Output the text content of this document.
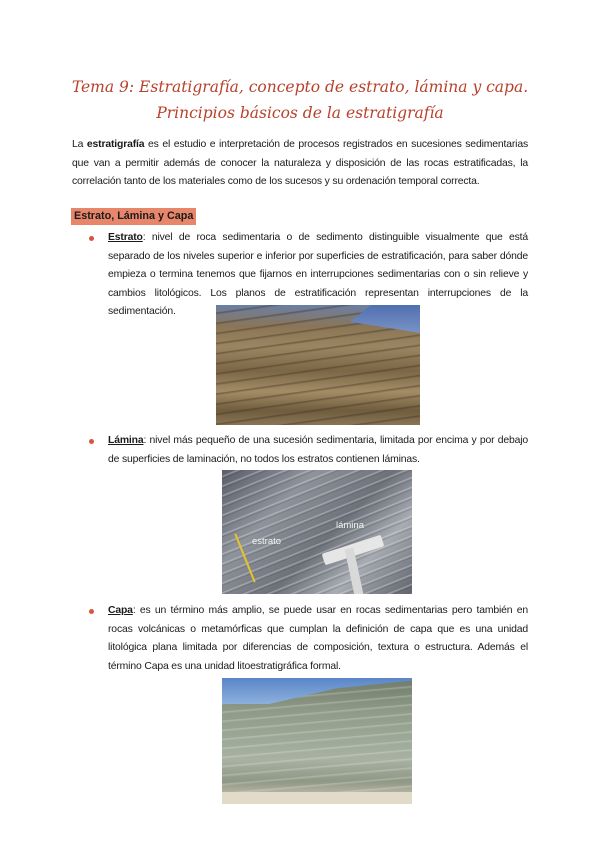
Tema 9: Estratigrafía, concepto de estrato, lámina y capa. Principios básicos de la estratigrafía

La estratigrafía es el estudio e interpretación de procesos registrados en sucesiones sedimentarias que van a permitir además de conocer la naturaleza y disposición de las rocas estratificadas, la correlación tanto de los materiales como de los sucesos y su ordenación temporal correcta.

Estrato, Lámina y Capa

Estrato: nivel de roca sedimentaria o de sedimento distinguible visualmente que está separado de los niveles superior e inferior por superficies de estratificación, para saber dónde empieza o termina tenemos que fijarnos en interrupciones sedimentarias con o sin relieve y cambios litológicos. Los planos de estratificación representan interrupciones de la sedimentación.

Lámina: nivel más pequeño de una sucesión sedimentaria, limitada por encima y por debajo de superficies de laminación, no todos los estratos contienen láminas.

estrato
lámina

Capa: es un término más amplio, se puede usar en rocas sedimentarias pero también en rocas volcánicas o metamórficas que cumplan la definición de capa que es una unidad litológica plana limitada por diferencias de composición, textura o estructura. Además el término Capa es una unidad litoestratigráfica formal.
